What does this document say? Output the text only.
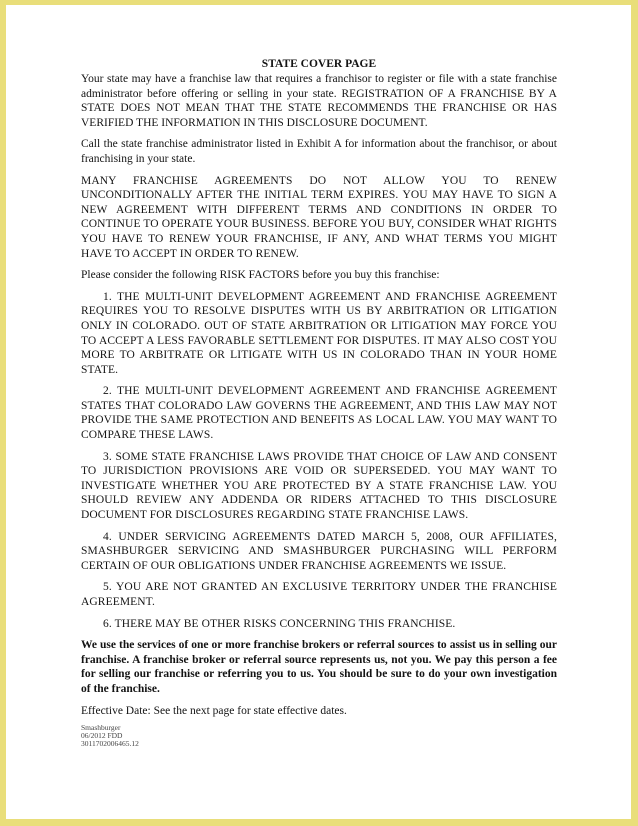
STATE COVER PAGE

Your state may have a franchise law that requires a franchisor to register or file with a state franchise administrator before offering or selling in your state. REGISTRATION OF A FRANCHISE BY A STATE DOES NOT MEAN THAT THE STATE RECOMMENDS THE FRANCHISE OR HAS VERIFIED THE INFORMATION IN THIS DISCLOSURE DOCUMENT.

Call the state franchise administrator listed in Exhibit A for information about the franchisor, or about franchising in your state.

MANY FRANCHISE AGREEMENTS DO NOT ALLOW YOU TO RENEW UNCONDITIONALLY AFTER THE INITIAL TERM EXPIRES. YOU MAY HAVE TO SIGN A NEW AGREEMENT WITH DIFFERENT TERMS AND CONDITIONS IN ORDER TO CONTINUE TO OPERATE YOUR BUSINESS. BEFORE YOU BUY, CONSIDER WHAT RIGHTS YOU HAVE TO RENEW YOUR FRANCHISE, IF ANY, AND WHAT TERMS YOU MIGHT HAVE TO ACCEPT IN ORDER TO RENEW.

Please consider the following RISK FACTORS before you buy this franchise:

1. THE MULTI-UNIT DEVELOPMENT AGREEMENT AND FRANCHISE AGREEMENT REQUIRES YOU TO RESOLVE DISPUTES WITH US BY ARBITRATION OR LITIGATION ONLY IN COLORADO. OUT OF STATE ARBITRATION OR LITIGATION MAY FORCE YOU TO ACCEPT A LESS FAVORABLE SETTLEMENT FOR DISPUTES. IT MAY ALSO COST YOU MORE TO ARBITRATE OR LITIGATE WITH US IN COLORADO THAN IN YOUR HOME STATE.

2. THE MULTI-UNIT DEVELOPMENT AGREEMENT AND FRANCHISE AGREEMENT STATES THAT COLORADO LAW GOVERNS THE AGREEMENT, AND THIS LAW MAY NOT PROVIDE THE SAME PROTECTION AND BENEFITS AS LOCAL LAW. YOU MAY WANT TO COMPARE THESE LAWS.

3. SOME STATE FRANCHISE LAWS PROVIDE THAT CHOICE OF LAW AND CONSENT TO JURISDICTION PROVISIONS ARE VOID OR SUPERSEDED. YOU MAY WANT TO INVESTIGATE WHETHER YOU ARE PROTECTED BY A STATE FRANCHISE LAW. YOU SHOULD REVIEW ANY ADDENDA OR RIDERS ATTACHED TO THIS DISCLOSURE DOCUMENT FOR DISCLOSURES REGARDING STATE FRANCHISE LAWS.

4. UNDER SERVICING AGREEMENTS DATED MARCH 5, 2008, OUR AFFILIATES, SMASHBURGER SERVICING AND SMASHBURGER PURCHASING WILL PERFORM CERTAIN OF OUR OBLIGATIONS UNDER FRANCHISE AGREEMENTS WE ISSUE.

5. YOU ARE NOT GRANTED AN EXCLUSIVE TERRITORY UNDER THE FRANCHISE AGREEMENT.

6. THERE MAY BE OTHER RISKS CONCERNING THIS FRANCHISE.

We use the services of one or more franchise brokers or referral sources to assist us in selling our franchise. A franchise broker or referral source represents us, not you. We pay this person a fee for selling our franchise or referring you to us. You should be sure to do your own investigation of the franchise.

Effective Date: See the next page for state effective dates.

Smashburger
06/2012 FDD
3011702006465.12
